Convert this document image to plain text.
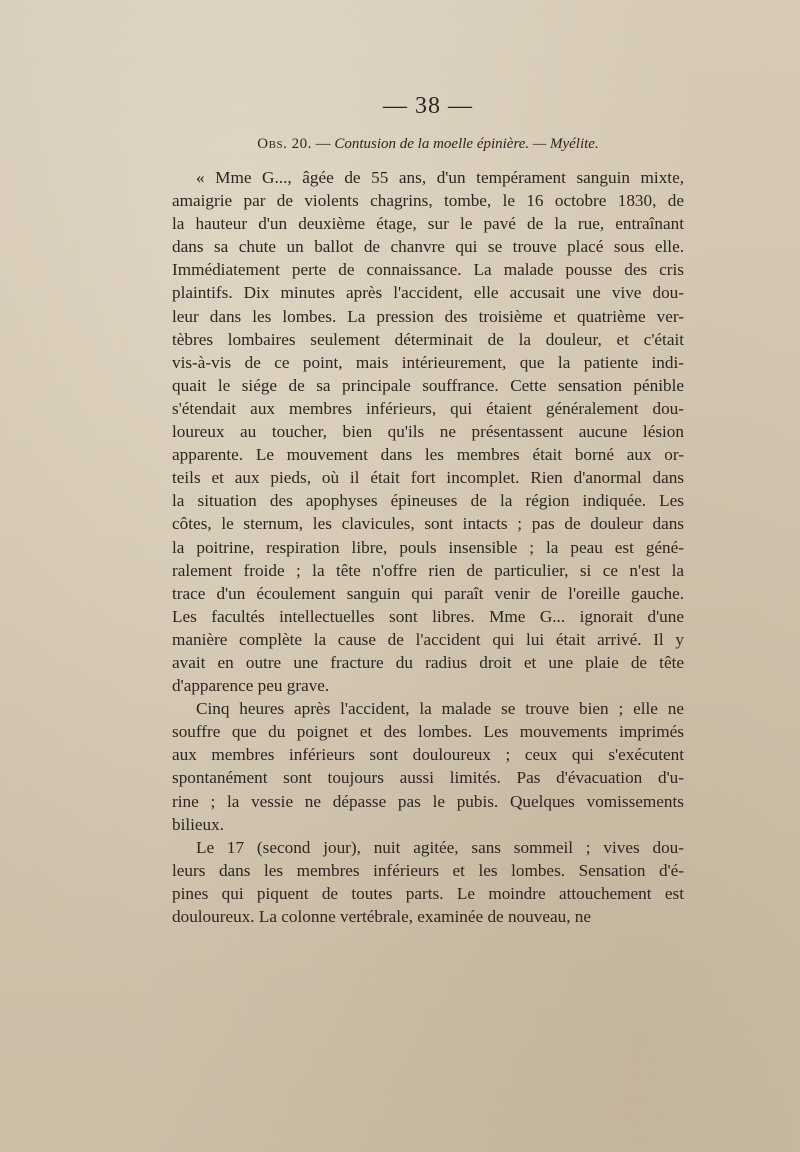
— 38 —
Obs. 20. — Contusion de la moelle épinière. — Myélite.

« Mme G..., âgée de 55 ans, d'un tempérament sanguin mixte,
amaigrie par de violents chagrins, tombe, le 16 octobre 1830, de
la hauteur d'un deuxième étage, sur le pavé de la rue, entraînant
dans sa chute un ballot de chanvre qui se trouve placé sous elle.
Immédiatement perte de connaissance. La malade pousse des cris
plaintifs. Dix minutes après l'accident, elle accusait une vive dou-
leur dans les lombes. La pression des troisième et quatrième ver-
tèbres lombaires seulement déterminait de la douleur, et c'était
vis-à-vis de ce point, mais intérieurement, que la patiente indi-
quait le siége de sa principale souffrance. Cette sensation pénible
s'étendait aux membres inférieurs, qui étaient généralement dou-
loureux au toucher, bien qu'ils ne présentassent aucune lésion
apparente. Le mouvement dans les membres était borné aux or-
teils et aux pieds, où il était fort incomplet. Rien d'anormal dans
la situation des apophyses épineuses de la région indiquée. Les
côtes, le sternum, les clavicules, sont intacts ; pas de douleur dans
la poitrine, respiration libre, pouls insensible ; la peau est géné-
ralement froide ; la tête n'offre rien de particulier, si ce n'est la
trace d'un écoulement sanguin qui paraît venir de l'oreille gauche.
Les facultés intellectuelles sont libres. Mme G... ignorait d'une
manière complète la cause de l'accident qui lui était arrivé. Il y
avait en outre une fracture du radius droit et une plaie de tête
d'apparence peu grave.

Cinq heures après l'accident, la malade se trouve bien ; elle ne
souffre que du poignet et des lombes. Les mouvements imprimés
aux membres inférieurs sont douloureux ; ceux qui s'exécutent
spontanément sont toujours aussi limités. Pas d'évacuation d'u-
rine ; la vessie ne dépasse pas le pubis. Quelques vomissements
bilieux.

Le 17 (second jour), nuit agitée, sans sommeil ; vives dou-
leurs dans les membres inférieurs et les lombes. Sensation d'é-
pines qui piquent de toutes parts. Le moindre attouchement est
douloureux. La colonne vertébrale, examinée de nouveau, ne
